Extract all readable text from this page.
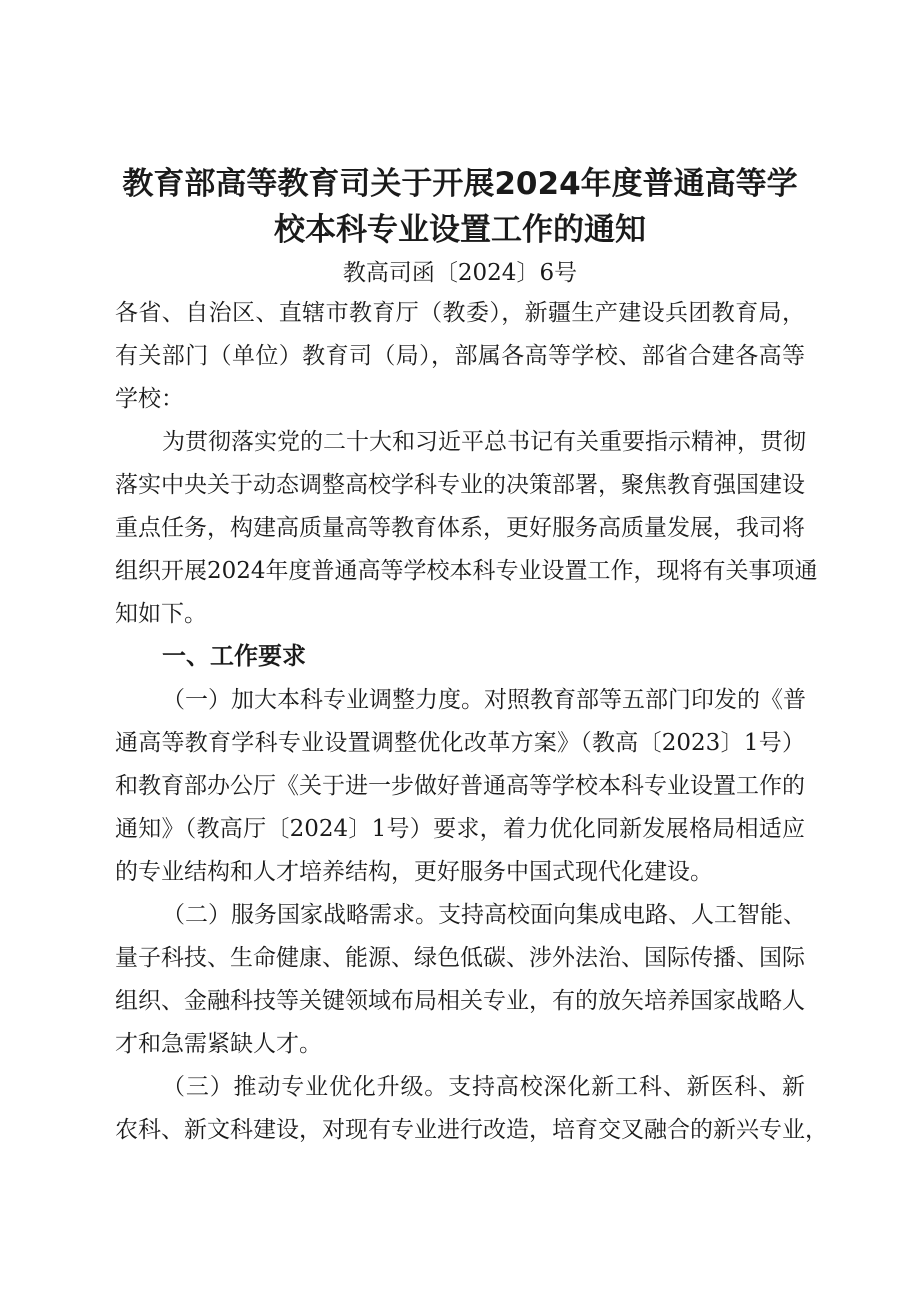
教育部高等教育司关于开展2024年度普通高等学
校本科专业设置工作的通知
教高司函〔2024〕6号
各省、自治区、直辖市教育厅（教委），新疆生产建设兵团教育局，
有关部门（单位）教育司（局），部属各高等学校、部省合建各高等
学校：
为贯彻落实党的二十大和习近平总书记有关重要指示精神，贯彻
落实中央关于动态调整高校学科专业的决策部署，聚焦教育强国建设
重点任务，构建高质量高等教育体系，更好服务高质量发展，我司将
组织开展2024年度普通高等学校本科专业设置工作，现将有关事项通
知如下。
一、工作要求
（一）加大本科专业调整力度。对照教育部等五部门印发的《普
通高等教育学科专业设置调整优化改革方案》（教高〔2023〕1号）
和教育部办公厅《关于进一步做好普通高等学校本科专业设置工作的
通知》（教高厅〔2024〕1号）要求，着力优化同新发展格局相适应
的专业结构和人才培养结构，更好服务中国式现代化建设。
（二）服务国家战略需求。支持高校面向集成电路、人工智能、
量子科技、生命健康、能源、绿色低碳、涉外法治、国际传播、国际
组织、金融科技等关键领域布局相关专业，有的放矢培养国家战略人
才和急需紧缺人才。
（三）推动专业优化升级。支持高校深化新工科、新医科、新
农科、新文科建设，对现有专业进行改造，培育交叉融合的新兴专业，
